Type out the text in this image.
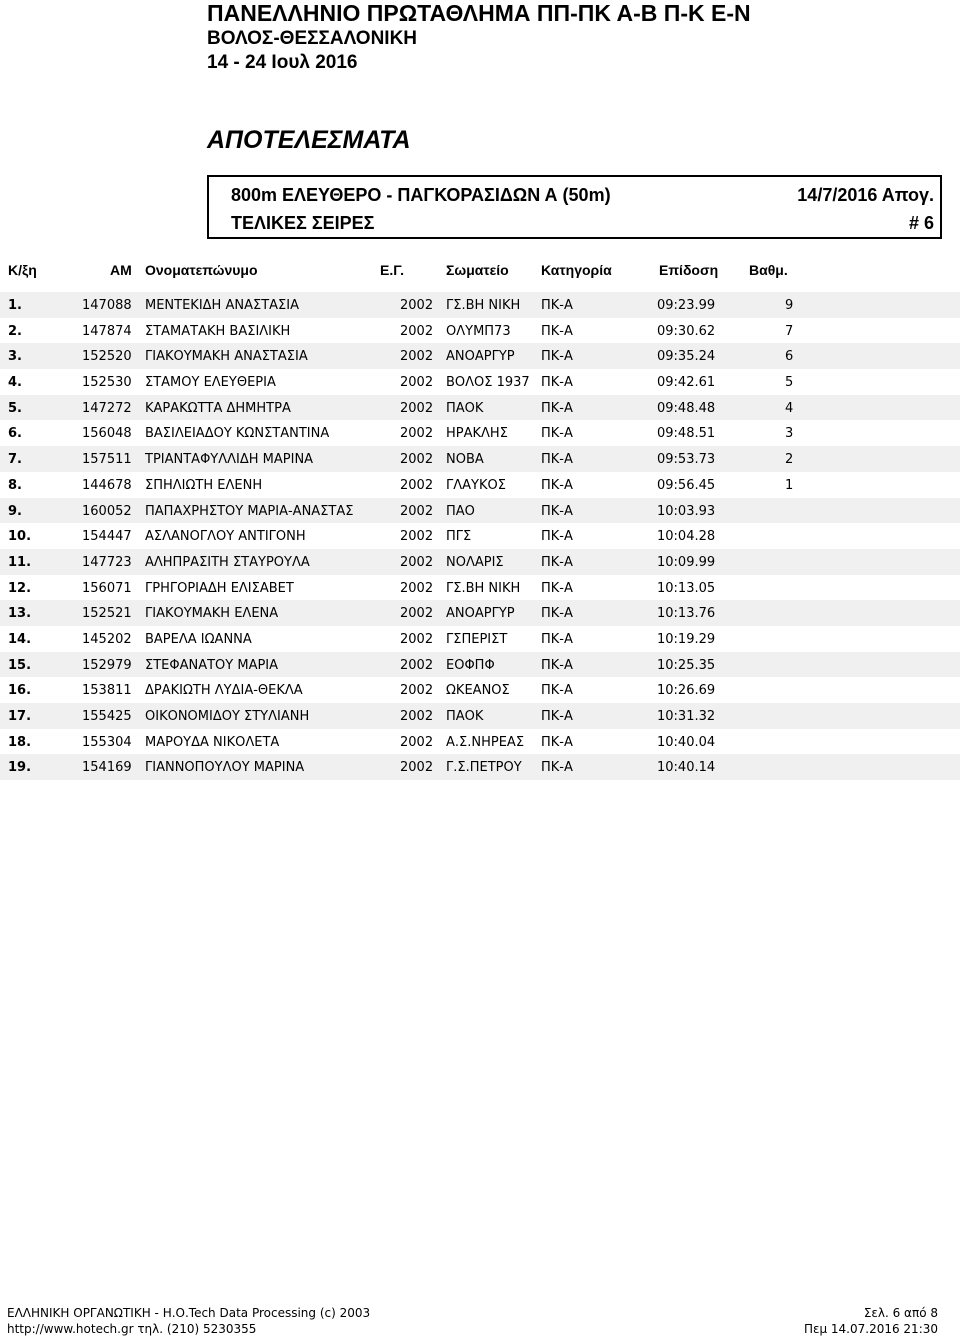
ΠΑΝΕΛΛΗΝΙΟ ΠΡΩΤΑΘΛΗΜΑ ΠΠ-ΠΚ Α-Β Π-Κ Ε-Ν
ΒΟΛΟΣ-ΘΕΣΣΑΛΟΝΙΚΗ
14 - 24 Ιουλ 2016
ΑΠΟΤΕΛΕΣΜΑΤΑ
800m ΕΛΕΥΘΕΡΟ - ΠΑΓΚΟΡΑΣΙΔΩΝ Α (50m)	14/7/2016 Απογ.
ΤΕΛΙΚΕΣ ΣΕΙΡΕΣ	# 6
Κ/ξη	ΑΜ Ονοματεπώνυμο	Ε.Γ.	Σωματείο Κατηγορία	Επίδοση Βαθμ.
1.	147088 ΜΕΝΤΕΚΙΔΗ ΑΝΑΣΤΑΣΙΑ	2002 ΓΣ.ΒΗ ΝΙΚΗ ΠΚ-Α	09:23.99	9
2.	147874 ΣΤΑΜΑΤΑΚΗ ΒΑΣΙΛΙΚΗ	2002 ΟΛΥΜΠ73 ΠΚ-Α	09:30.62	7
3.	152520 ΓΙΑΚΟΥΜΑΚΗ ΑΝΑΣΤΑΣΙΑ	2002 ΑΝΟΑΡΓΥΡ ΠΚ-Α	09:35.24	6
4.	152530 ΣΤΑΜΟΥ ΕΛΕΥΘΕΡΙΑ	2002 ΒΟΛΟΣ 1937 ΠΚ-Α	09:42.61	5
5.	147272 ΚΑΡΑΚΩΤΤΑ ΔΗΜΗΤΡΑ	2002 ΠΑΟΚ	ΠΚ-Α	09:48.48	4
6.	156048 ΒΑΣΙΛΕΙΑΔΟΥ ΚΩΝΣΤΑΝΤΙΝΑ	2002 ΗΡΑΚΛΗΣ	ΠΚ-Α	09:48.51	3
7.	157511 ΤΡΙΑΝΤΑΦΥΛΛΙΔΗ ΜΑΡΙΝΑ	2002 ΝΟΒΑ	ΠΚ-Α	09:53.73	2
8.	144678 ΣΠΗΛΙΩΤΗ ΕΛΕΝΗ	2002 ΓΛΑΥΚΟΣ	ΠΚ-Α	09:56.45	1
9.	160052 ΠΑΠΑΧΡΗΣΤΟΥ ΜΑΡΙΑ-ΑΝΑΣΤΑΣ	2002 ΠΑΟ	ΠΚ-Α	10:03.93
10.	154447 ΑΣΛΑΝΟΓΛΟΥ ΑΝΤΙΓΟΝΗ	2002 ΠΓΣ	ΠΚ-Α	10:04.28
11.	147723 ΑΛΗΠΡΑΣΙΤΗ ΣΤΑΥΡΟΥΛΑ	2002 ΝΟΛΑΡΙΣ	ΠΚ-Α	10:09.99
12.	156071 ΓΡΗΓΟΡΙΑΔΗ ΕΛΙΣΑΒΕΤ	2002 ΓΣ.ΒΗ ΝΙΚΗ ΠΚ-Α	10:13.05
13.	152521 ΓΙΑΚΟΥΜΑΚΗ ΕΛΕΝΑ	2002 ΑΝΟΑΡΓΥΡ ΠΚ-Α	10:13.76
14.	145202 ΒΑΡΕΛΑ ΙΩΑΝΝΑ	2002 ΓΣΠΕΡΙΣΤ	ΠΚ-Α	10:19.29
15.	152979 ΣΤΕΦΑΝΑΤΟΥ ΜΑΡΙΑ	2002 ΕΟΦΠΦ	ΠΚ-Α	10:25.35
16.	153811 ΔΡΑΚΙΩΤΗ ΛΥΔΙΑ-ΘΕΚΛΑ	2002 ΩΚΕΑΝΟΣ ΠΚ-Α	10:26.69
17.	155425 ΟΙΚΟΝΟΜΙΔΟΥ ΣΤΥΛΙΑΝΗ	2002 ΠΑΟΚ	ΠΚ-Α	10:31.32
18.	155304 ΜΑΡΟΥΔΑ ΝΙΚΟΛΕΤΑ	2002 Α.Σ.ΝΗΡΕΑΣ ΠΚ-Α	10:40.04
19.	154169 ΓΙΑΝΝΟΠΟΥΛΟΥ ΜΑΡΙΝΑ	2002 Γ.Σ.ΠΕΤΡΟΥ ΠΚ-Α	10:40.14
ΕΛΛΗΝΙΚΗ ΟΡΓΑΝΩΤΙΚΗ - Η.Ο.Tech Data Processing (c) 2003
http://www.hotech.gr τηλ. (210) 5230355
Σελ. 6 από 8
Πεμ 14.07.2016 21:30
